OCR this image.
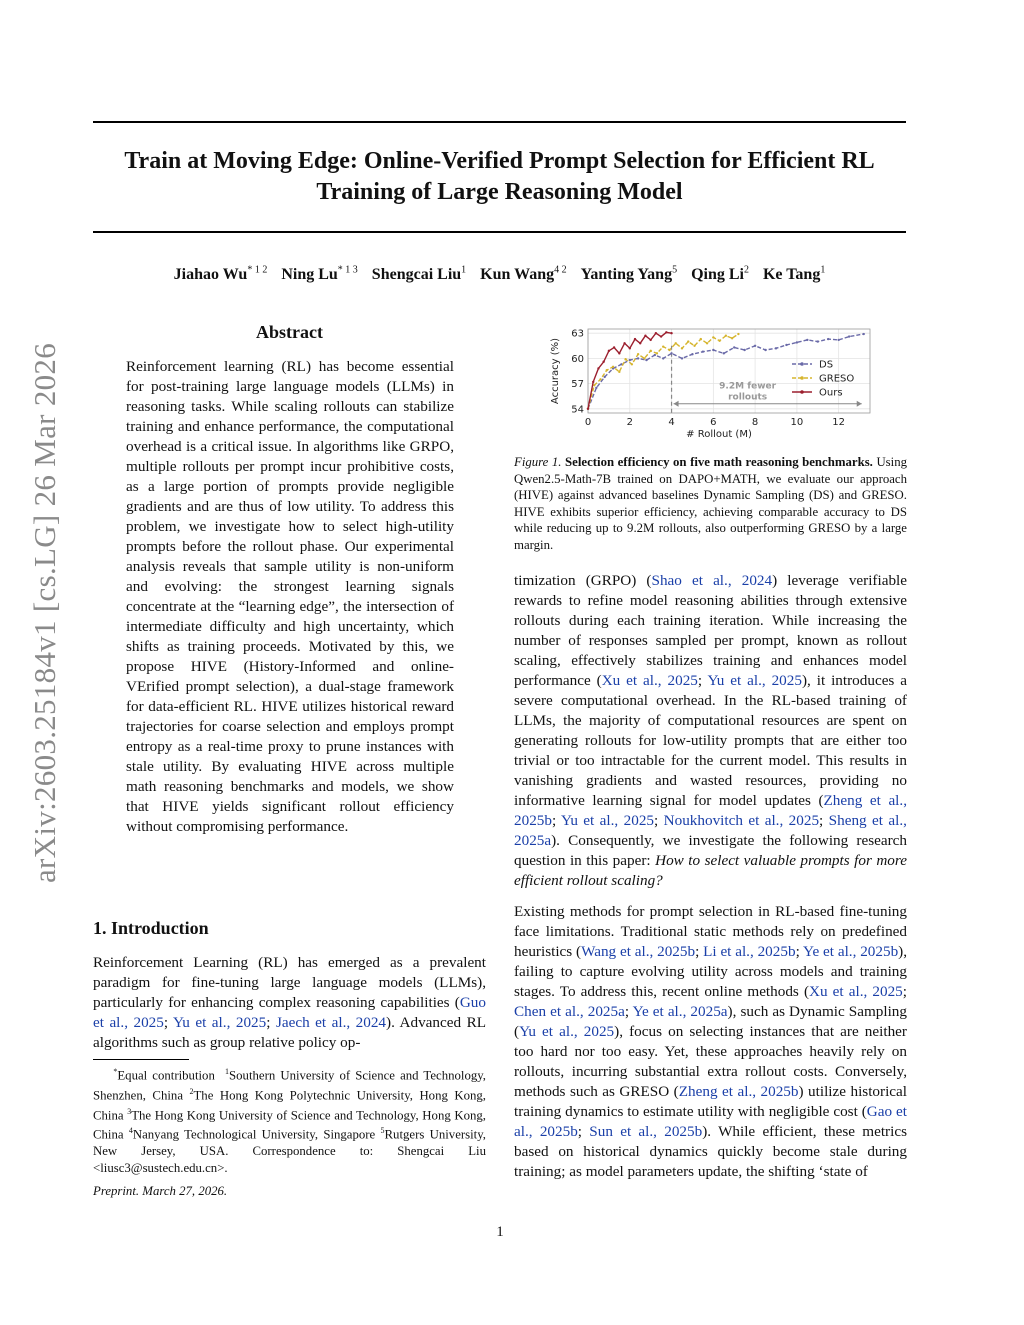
Train at Moving Edge: Online-Verified Prompt Selection for Efficient RL
Training of Large Reasoning Model
Jiahao $Wu^{* 1 2}$ Ning $Lu^{* 1 3}$ Shengcai Liu$^1$ Kun Wang$^{4 2}$ Yanting Yang$^5$ Qing Li$^2$ Ke Tang$^1$
arXiv:2603.25184v1 [cs.LG] 26 Mar 2026
Abstract
Reinforcement learning (RL) has become essential for post-training large language models (LLMs) in reasoning tasks. While scaling rollouts can stabilize training and enhance performance, the computational overhead is a critical issue. In algorithms like GRPO, multiple rollouts per prompt incur prohibitive costs, as a large portion of prompts provide negligible gradients and are thus of low utility. To address this problem, we investigate how to select high-utility prompts before the rollout phase. Our experimental analysis reveals that sample utility is non-uniform and evolving: the strongest learning signals concentrate at the “learning edge”, the intersection of intermediate difficulty and high uncertainty, which shifts as training proceeds. Motivated by this, we propose HIVE (History-Informed and online-VErified prompt selection), a dual-stage framework for data-efficient RL. HIVE utilizes historical reward trajectories for coarse selection and employs prompt entropy as a real-time proxy to prune instances with stale utility. By evaluating HIVE across multiple math reasoning benchmarks and models, we show that HIVE yields significant rollout efficiency without compromising performance.
1. Introduction
Reinforcement Learning (RL) has emerged as a prevalent paradigm for fine-tuning large language models (LLMs), particularly for enhancing complex reasoning capabilities (Guo et al., 2025; Yu et al., 2025; Jaech et al., 2024). Advanced RL algorithms such as group relative policy op-
*Equal contribution $^1$Southern University of Science and Technology, Shenzhen, China $^2$The Hong Kong Polytechnic University, Hong Kong, China $^3$The Hong Kong University of Science and Technology, Hong Kong, China $^4$Nanyang Technological University, Singapore $^5$Rutgers University, New Jersey, USA. Correspondence to: Shengcai Liu <liusc3@sustech.edu.cn>.
Preprint. March 27, 2026.
0	2	4	6	8	10	12
54
57
60
63
# Rollout (M)
Accuracy (%)	9.2M fewer
rollouts
DS
GRESO
Ours
Figure 1. Selection efficiency on five math reasoning benchmarks. Using Qwen2.5-Math-7B trained on DAPO+MATH, we evaluate our approach (HIVE) against advanced baselines Dynamic Sampling (DS) and GRESO. HIVE exhibits superior efficiency, achieving comparable accuracy to DS while reducing up to 9.2M rollouts, also outperforming GRESO by a large margin.
timization (GRPO) (Shao et al., 2024) leverage verifiable rewards to refine model reasoning abilities through extensive rollouts during each training iteration. While increasing the number of responses sampled per prompt, known as rollout scaling, effectively stabilizes training and enhances model performance (Xu et al., 2025; Yu et al., 2025), it introduces a severe computational overhead. In the RL-based training of LLMs, the majority of computational resources are spent on generating rollouts for low-utility prompts that are either too trivial or too intractable for the current model. This results in vanishing gradients and wasted resources, providing no informative learning signal for model updates (Zheng et al., 2025b; Yu et al., 2025; Noukhovitch et al., 2025; Sheng et al., 2025a). Consequently, we investigate the following research question in this paper: How to select valuable prompts for more efficient rollout scaling?
Existing methods for prompt selection in RL-based fine-tuning face limitations. Traditional static methods rely on predefined heuristics (Wang et al., 2025b; Li et al., 2025b; Ye et al., 2025b), failing to capture evolving utility across models and training stages. To address this, recent online methods (Xu et al., 2025; Chen et al., 2025a; Ye et al., 2025a), such as Dynamic Sampling (Yu et al., 2025), focus on selecting instances that are neither too hard nor too easy. Yet, these approaches heavily rely on rollouts, incurring substantial extra rollout costs. Conversely, methods such as GRESO (Zheng et al., 2025b) utilize historical training dynamics to estimate utility with negligible cost (Gao et al., 2025b; Sun et al., 2025b). While efficient, these metrics based on historical dynamics quickly become stale during training; as model parameters update, the shifting ‘state of
1
